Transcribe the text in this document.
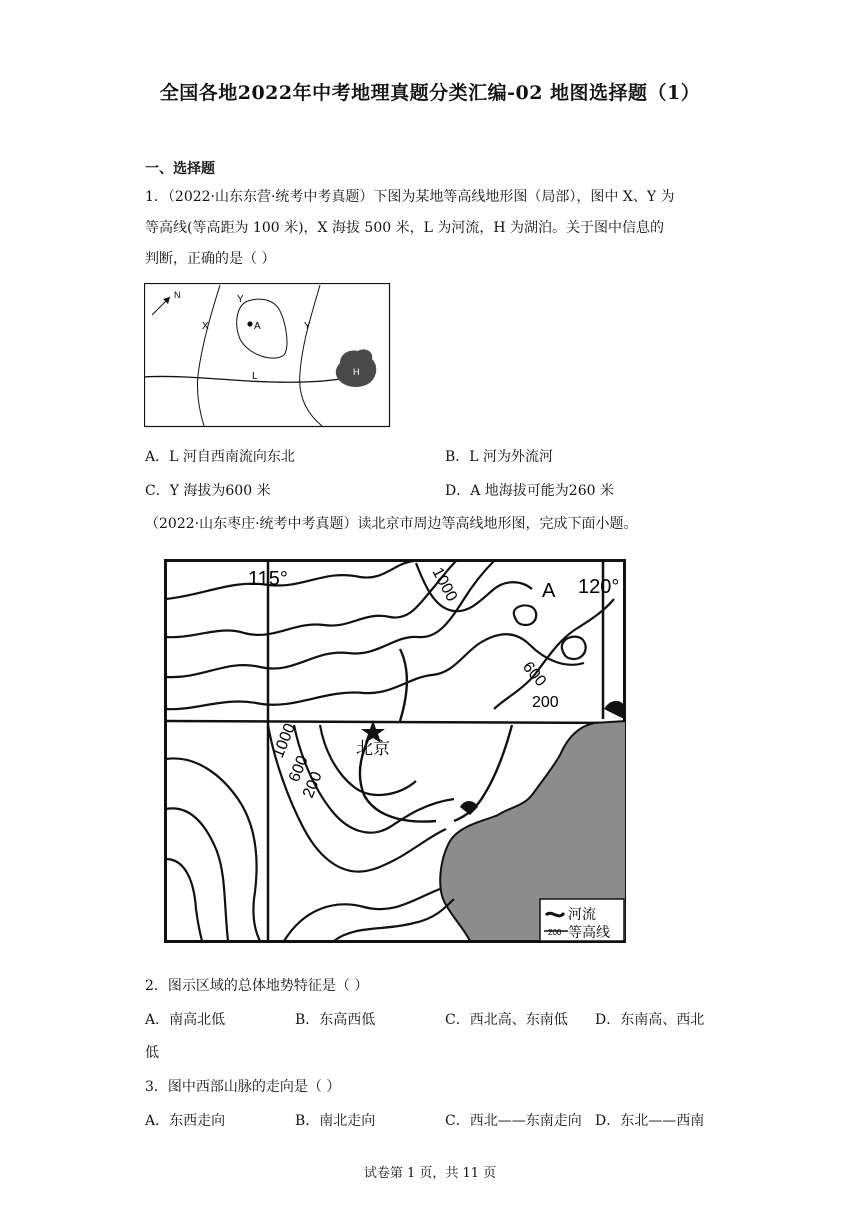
全国各地2022年中考地理真题分类汇编-02 地图选择题（1）
一、选择题
1．（2022·山东东营·统考中考真题）下图为某地等高线地形图（局部），图中 X、Y 为
等高线(等高距为 100 米)，X 海拔 500 米，L 为河流，H 为湖泊。关于图中信息的
判断，正确的是（ ）
N
X
Y
A	Y
L	H
A．L 河自西南流向东北	B．L 河为外流河
C．Y 海拔为600 米	D．A 地海拔可能为260 米
（2022·山东枣庄·统考中考真题）读北京市周边等高线地形图，完成下面小题。
115°	120°
A
北京
1000
600
200
1000
600
200
河流
200 等高线
2．图示区域的总体地势特征是（ ）
A．南高北低	B．东高西低	C．西北高、东南低 D．东南高、西北
低
3．图中西部山脉的走向是（ ）
A．东西走向	B．南北走向	C．西北——东南走向 D．东北——西南
试卷第 1 页，共 11 页
